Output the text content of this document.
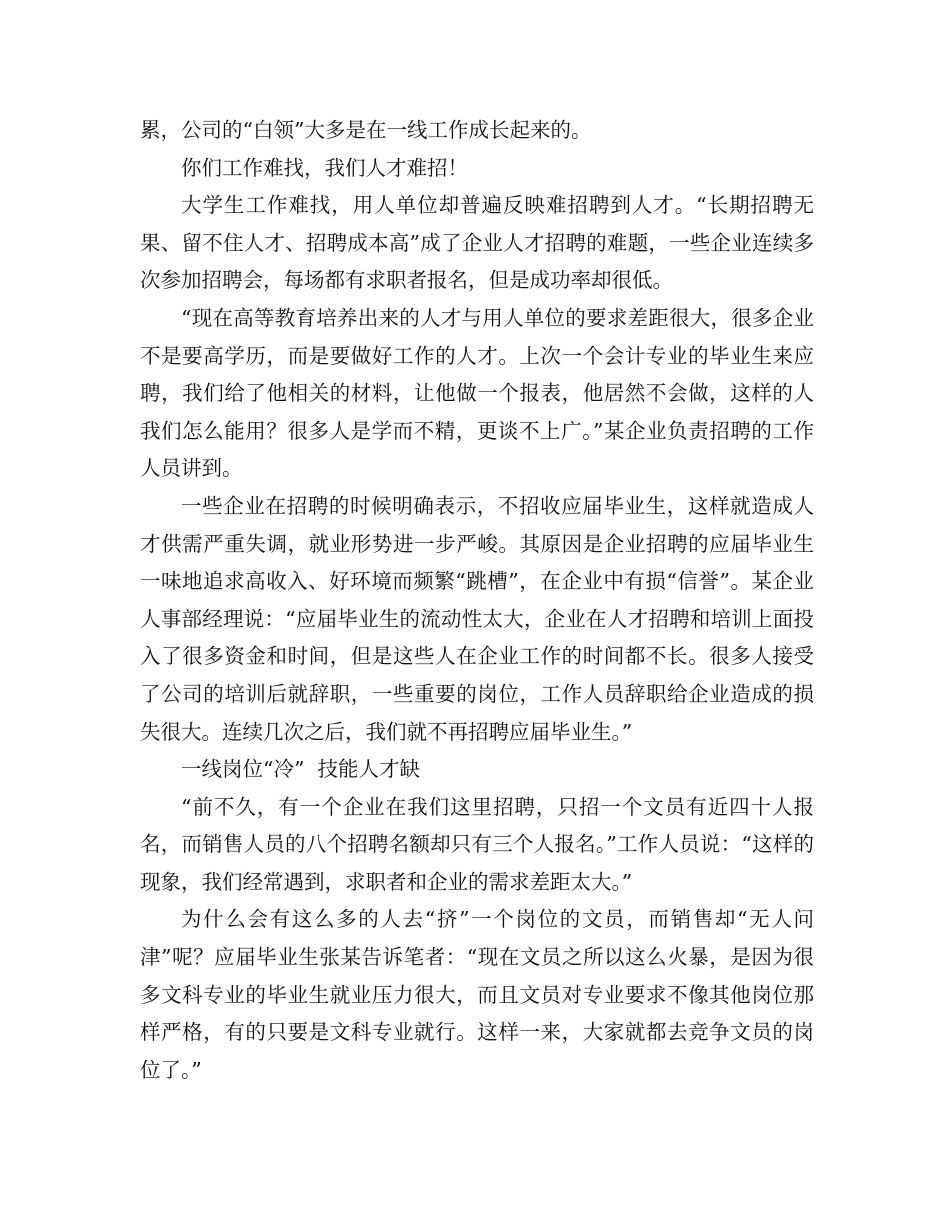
累，公司的“白领”大多是在一线工作成长起来的。

你们工作难找，我们人才难招！

大学生工作难找，用人单位却普遍反映难招聘到人才。“长期招聘无果、留不住人才、招聘成本高”成了企业人才招聘的难题，一些企业连续多次参加招聘会，每场都有求职者报名，但是成功率却很低。

“现在高等教育培养出来的人才与用人单位的要求差距很大，很多企业不是要高学历，而是要做好工作的人才。上次一个会计专业的毕业生来应聘，我们给了他相关的材料，让他做一个报表，他居然不会做，这样的人我们怎么能用？很多人是学而不精，更谈不上广。”某企业负责招聘的工作人员讲到。

一些企业在招聘的时候明确表示，不招收应届毕业生，这样就造成人才供需严重失调，就业形势进一步严峻。其原因是企业招聘的应届毕业生一味地追求高收入、好环境而频繁“跳槽”，在企业中有损“信誉”。某企业人事部经理说：“应届毕业生的流动性太大，企业在人才招聘和培训上面投入了很多资金和时间，但是这些人在企业工作的时间都不长。很多人接受了公司的培训后就辞职，一些重要的岗位，工作人员辞职给企业造成的损失很大。连续几次之后，我们就不再招聘应届毕业生。”

一线岗位“冷”  技能人才缺

“前不久，有一个企业在我们这里招聘，只招一个文员有近四十人报名，而销售人员的八个招聘名额却只有三个人报名。”工作人员说：“这样的现象，我们经常遇到，求职者和企业的需求差距太大。”

为什么会有这么多的人去“挤”一个岗位的文员，而销售却“无人问津”呢？应届毕业生张某告诉笔者：“现在文员之所以这么火暴，是因为很多文科专业的毕业生就业压力很大，而且文员对专业要求不像其他岗位那样严格，有的只要是文科专业就行。这样一来，大家就都去竞争文员的岗位了。”
